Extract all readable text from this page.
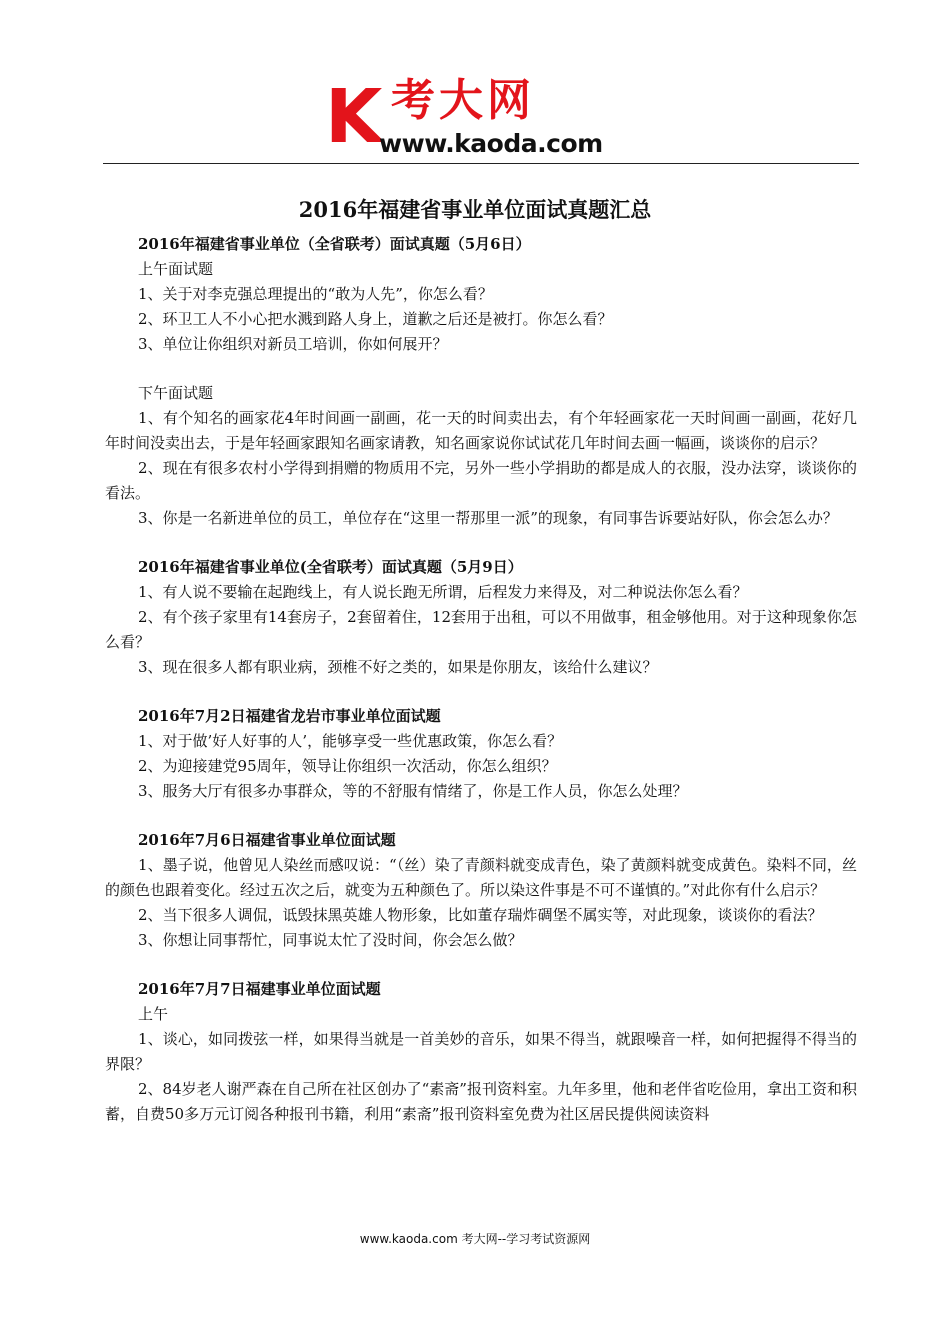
K 考大网
www.kaoda.com
2016年福建省事业单位面试真题汇总
2016年福建省事业单位（全省联考）面试真题（5月6日）
上午面试题
1、关于对李克强总理提出的“敢为人先”，你怎么看？
2、环卫工人不小心把水溅到路人身上，道歉之后还是被打。你怎么看？
3、单位让你组织对新员工培训，你如何展开？
下午面试题
1、有个知名的画家花4年时间画一副画，花一天的时间卖出去，有个年轻画家花一天时间画一副画，花好几年时间没卖出去，于是年轻画家跟知名画家请教，知名画家说你试试花几年时间去画一幅画，谈谈你的启示？
2、现在有很多农村小学得到捐赠的物质用不完，另外一些小学捐助的都是成人的衣服，没办法穿，谈谈你的看法。
3、你是一名新进单位的员工，单位存在“这里一帮那里一派”的现象，有同事告诉要站好队，你会怎么办？
2016年福建省事业单位(全省联考）面试真题（5月9日）
1、有人说不要输在起跑线上，有人说长跑无所谓，后程发力来得及，对二种说法你怎么看？
2、有个孩子家里有14套房子，2套留着住，12套用于出租，可以不用做事，租金够他用。对于这种现象你怎么看？
3、现在很多人都有职业病，颈椎不好之类的，如果是你朋友，该给什么建议？
2016年7月2日福建省龙岩市事业单位面试题
1、对于做’好人好事的人’，能够享受一些优惠政策，你怎么看？
2、为迎接建党95周年，领导让你组织一次活动，你怎么组织？
3、服务大厅有很多办事群众，等的不舒服有情绪了，你是工作人员，你怎么处理？
2016年7月6日福建省事业单位面试题
1、墨子说，他曾见人染丝而感叹说：“（丝）染了青颜料就变成青色，染了黄颜料就变成黄色。染料不同，丝的颜色也跟着变化。经过五次之后，就变为五种颜色了。所以染这件事是不可不谨慎的。”对此你有什么启示？
2、当下很多人调侃，诋毁抹黑英雄人物形象，比如董存瑞炸碉堡不属实等，对此现象，谈谈你的看法？
3、你想让同事帮忙，同事说太忙了没时间，你会怎么做？
2016年7月7日福建事业单位面试题
上午
1、谈心，如同拨弦一样，如果得当就是一首美妙的音乐，如果不得当，就跟噪音一样，如何把握得不得当的界限？
2、84岁老人谢严森在自己所在社区创办了“素斋”报刊资料室。九年多里，他和老伴省吃俭用，拿出工资和积蓄，自费50多万元订阅各种报刊书籍，利用“素斋”报刊资料室免费为社区居民提供阅读资料
www.kaoda.com 考大网--学习考试资源网
